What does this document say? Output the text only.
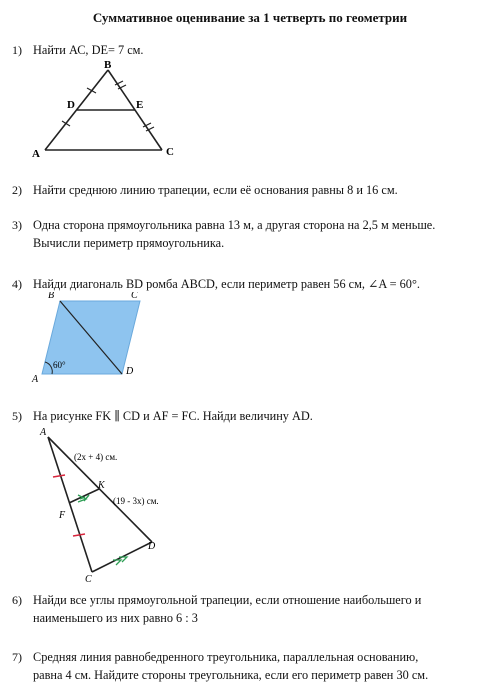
Суммативное оценивание за 1 четверть по геометрии
1) Найти АС, DE= 7 см.
B
D	E
A	C
2) Найти среднюю линию трапеции, если её основания равны 8 и 16 см.
3) Одна сторона прямоугольника равна 13 м, а другая сторона на 2,5 м меньше.
Вычисли периметр прямоугольника.
4) Найди диагональ BD ромба ABCD, если периметр равен 56 см, ∠A = 60°.
B	C
A
D
60°
5) На рисунке FK ∥ CD и AF = FC. Найди величину AD.
A
K
F
D
C
(2x + 4) см.
(19 - 3x) см.
6) Найди все углы прямоугольной трапеции, если отношение наибольшего и
наименьшего из них равно 6 : 3
7) Средняя линия равнобедренного треугольника, параллельная основанию,
равна 4 см. Найдите стороны треугольника, если его периметр равен 30 см.
